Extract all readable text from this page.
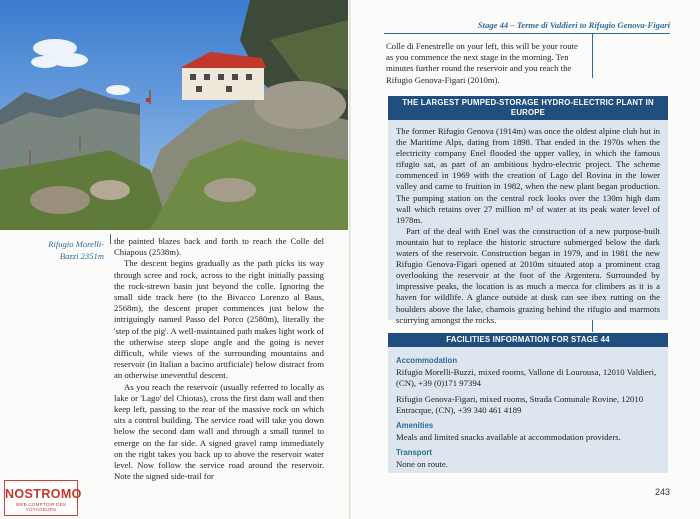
Rifugio Morelli-Bazzi 2351m

the painted blazes back and forth to reach the Colle del Chiapous (2538m).

The descent begins gradually as the path picks its way through scree and rock, across to the right initially passing the rock-strewn basin just beyond the colle. Ignoring the small side track here (to the Bivacco Lorenzo al Baus, 2568m), the descent proper commences just below the intriguingly named Passo del Porco (2580m), literally the 'step of the pig'. A well-maintained path makes light work of the otherwise steep slope angle and the going is never difficult, while views of the surrounding mountains and reservoir (in Italian a bacino artificiale) below distract from an otherwise uneventful descent.

As you reach the reservoir (usually referred to locally as lake or 'Lago' del Chiotas), cross the first dam wall and then keep left, passing to the rear of the massive rock on which sits a control building. The service road will take you down below the second dam wall and through a small tunnel to emerge on the far side. A signed gravel ramp immediately on the right takes you back up to above the reservoir water level. Now follow the service road around the reservoir. Note the signed side-trail for

NOSTROMO
WEB COMPTOIR DES VOYAGEURS
Stage 44 – Terme di Valdieri to Rifugio Genova-Figari

Colle di Fenestrelle on your left, this will be your route as you commence the next stage in the morning. Ten minutes further round the reservoir and you reach the Rifugio Genova-Figari (2010m).

THE LARGEST PUMPED-STORAGE HYDRO-ELECTRIC PLANT IN EUROPE

The former Rifugio Genova (1914m) was once the oldest alpine club hut in the Maritime Alps, dating from 1898. That ended in the 1970s when the electricity company Enel flooded the upper valley, in which the famous rifugio sat, as part of an ambitious hydro-electric project. The scheme commenced in 1969 with the creation of Lago del Rovina in the lower valley and came to fruition in 1982, when the new plant began production. The pumping station on the central rock looks over the 130m high dam wall which retains over 27 million m³ of water at its peak water level of 1978m.

Part of the deal with Enel was the construction of a new purpose-built mountain hut to replace the historic structure submerged below the dark waters of the reservoir. Construction began in 1979, and in 1981 the new Rifugio Genova-Figari opened at 2010m situated atop a prominent crag overlooking the reservoir at the foot of the Argentera. Surrounded by impressive peaks, the location is as much a mecca for climbers as it is a haven for wildlife. A glance outside at dusk can see ibex rutting on the boulders above the lake, chamois grazing behind the rifugio and marmots scurrying amongst the rocks.

FACILITIES INFORMATION FOR STAGE 44
Accommodation
Rifugio Morelli-Buzzi, mixed rooms, Vallone di Lourousa, 12010 Valdieri, (CN), +39 (0)171 97394
Rifugio Genova-Figari, mixed rooms, Strada Comunale Rovine, 12010 Entracque, (CN), +39 340 461 4189
Amenities
Meals and limited snacks available at accommodation providers.
Transport
None on route.
243
